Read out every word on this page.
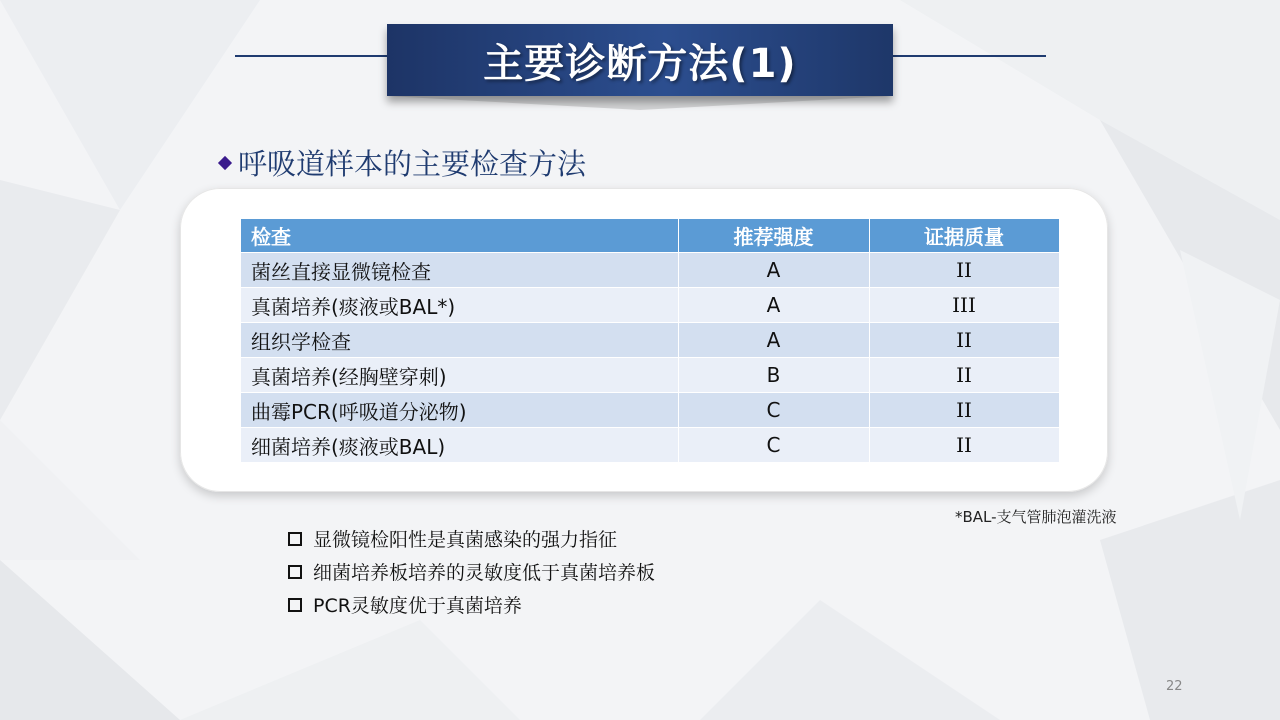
主要诊断方法(1)
呼吸道样本的主要检查方法
检查	推荐强度	证据质量
菌丝直接显微镜检查	A	II
真菌培养(痰液或BAL*)	A	III
组织学检查	A	II
真菌培养(经胸壁穿刺)	B	II
曲霉PCR(呼吸道分泌物)	C	II
细菌培养(痰液或BAL)	C	II
*BAL-支气管肺泡灌洗液
显微镜检阳性是真菌感染的强力指征
细菌培养板培养的灵敏度低于真菌培养板
PCR灵敏度优于真菌培养
22
